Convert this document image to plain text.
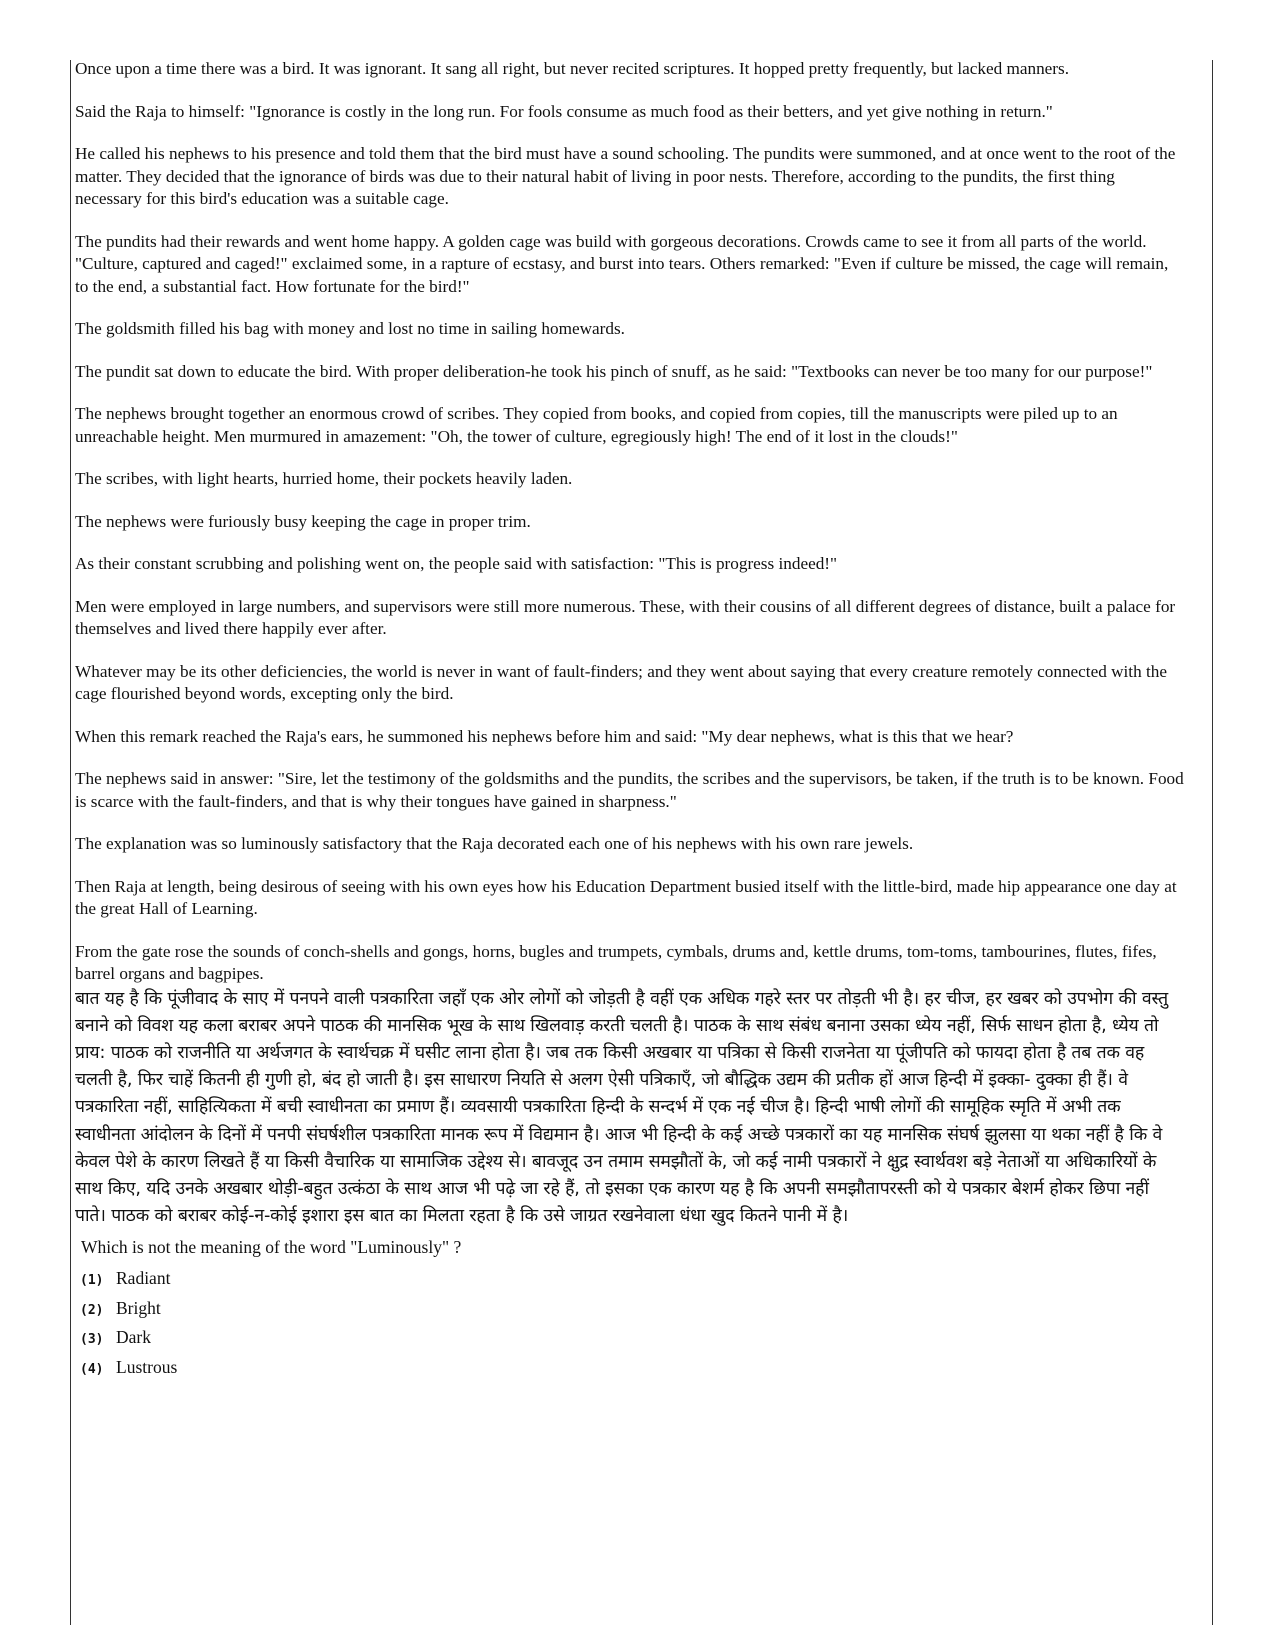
Once upon a time there was a bird. It was ignorant. It sang all right, but never recited scriptures. It hopped pretty frequently, but lacked manners.

Said the Raja to himself: "Ignorance is costly in the long run. For fools consume as much food as their betters, and yet give nothing in return."

He called his nephews to his presence and told them that the bird must have a sound schooling. The pundits were summoned, and at once went to the root of the matter. They decided that the ignorance of birds was due to their natural habit of living in poor nests. Therefore, according to the pundits, the first thing necessary for this bird's education was a suitable cage.

The pundits had their rewards and went home happy. A golden cage was build with gorgeous decorations. Crowds came to see it from all parts of the world. "Culture, captured and caged!" exclaimed some, in a rapture of ecstasy, and burst into tears. Others remarked: "Even if culture be missed, the cage will remain, to the end, a substantial fact. How fortunate for the bird!"

The goldsmith filled his bag with money and lost no time in sailing homewards.

The pundit sat down to educate the bird. With proper deliberation-he took his pinch of snuff, as he said: "Textbooks can never be too many for our purpose!"

The nephews brought together an enormous crowd of scribes. They copied from books, and copied from copies, till the manuscripts were piled up to an unreachable height. Men murmured in amazement: "Oh, the tower of culture, egregiously high! The end of it lost in the clouds!"

The scribes, with light hearts, hurried home, their pockets heavily laden.

The nephews were furiously busy keeping the cage in proper trim.

As their constant scrubbing and polishing went on, the people said with satisfaction: "This is progress indeed!"

Men were employed in large numbers, and supervisors were still more numerous. These, with their cousins of all different degrees of distance, built a palace for themselves and lived there happily ever after.

Whatever may be its other deficiencies, the world is never in want of fault-finders; and they went about saying that every creature remotely connected with the cage flourished beyond words, excepting only the bird.

When this remark reached the Raja's ears, he summoned his nephews before him and said: "My dear nephews, what is this that we hear?

The nephews said in answer: "Sire, let the testimony of the goldsmiths and the pundits, the scribes and the supervisors, be taken, if the truth is to be known. Food is scarce with the fault-finders, and that is why their tongues have gained in sharpness."

The explanation was so luminously satisfactory that the Raja decorated each one of his nephews with his own rare jewels.

Then Raja at length, being desirous of seeing with his own eyes how his Education Department busied itself with the little-bird, made hip appearance one day at the great Hall of Learning.

From the gate rose the sounds of conch-shells and gongs, horns, bugles and trumpets, cymbals, drums and, kettle drums, tom-toms, tambourines, flutes, fifes, barrel organs and bagpipes.

बात यह है कि पूंजीवाद के साए में पनपने वाली पत्रकारिता जहाँ एक ओर लोगों को जोड़ती है वहीं एक अधिक गहरे स्तर पर तोड़ती भी है। हर चीज, हर खबर को उपभोग की वस्तु बनाने को विवश यह कला बराबर अपने पाठक की मानसिक भूख के साथ खिलवाड़ करती चलती है। पाठक के साथ संबंध बनाना उसका ध्येय नहीं, सिर्फ साधन होता है, ध्येय तो प्राय: पाठक को राजनीति या अर्थजगत के स्वार्थचक्र में घसीट लाना होता है। जब तक किसी अखबार या पत्रिका से किसी राजनेता या पूंजीपति को फायदा होता है तब तक वह चलती है, फिर चाहें कितनी ही गुणी हो, बंद हो जाती है। इस साधारण नियति से अलग ऐसी पत्रिकाएँ, जो बौद्धिक उद्यम की प्रतीक हों आज हिन्दी में इक्का- दुक्का ही हैं। वे पत्रकारिता नहीं, साहित्यिकता में बची स्वाधीनता का प्रमाण हैं। व्यवसायी पत्रकारिता हिन्दी के सन्दर्भ में एक नई चीज है। हिन्दी भाषी लोगों की सामूहिक स्मृति में अभी तक स्वाधीनता आंदोलन के दिनों में पनपी संघर्षशील पत्रकारिता मानक रूप में विद्यमान है। आज भी हिन्दी के कई अच्छे पत्रकारों का यह मानसिक संघर्ष झुलसा या थका नहीं है कि वे केवल पेशे के कारण लिखते हैं या किसी वैचारिक या सामाजिक उद्देश्य से। बावजूद उन तमाम समझौतों के, जो कई नामी पत्रकारों ने क्षुद्र स्वार्थवश बड़े नेताओं या अधिकारियों के साथ किए, यदि उनके अखबार थोड़ी-बहुत उत्कंठा के साथ आज भी पढ़े जा रहे हैं, तो इसका एक कारण यह है कि अपनी समझौतापरस्ती को ये पत्रकार बेशर्म होकर छिपा नहीं पाते। पाठक को बराबर कोई-न-कोई इशारा इस बात का मिलता रहता है कि उसे जाग्रत रखनेवाला धंधा खुद कितने पानी में है।

Which is not the meaning of the word "Luminously" ?
(1) Radiant
(2) Bright
(3) Dark
(4) Lustrous
